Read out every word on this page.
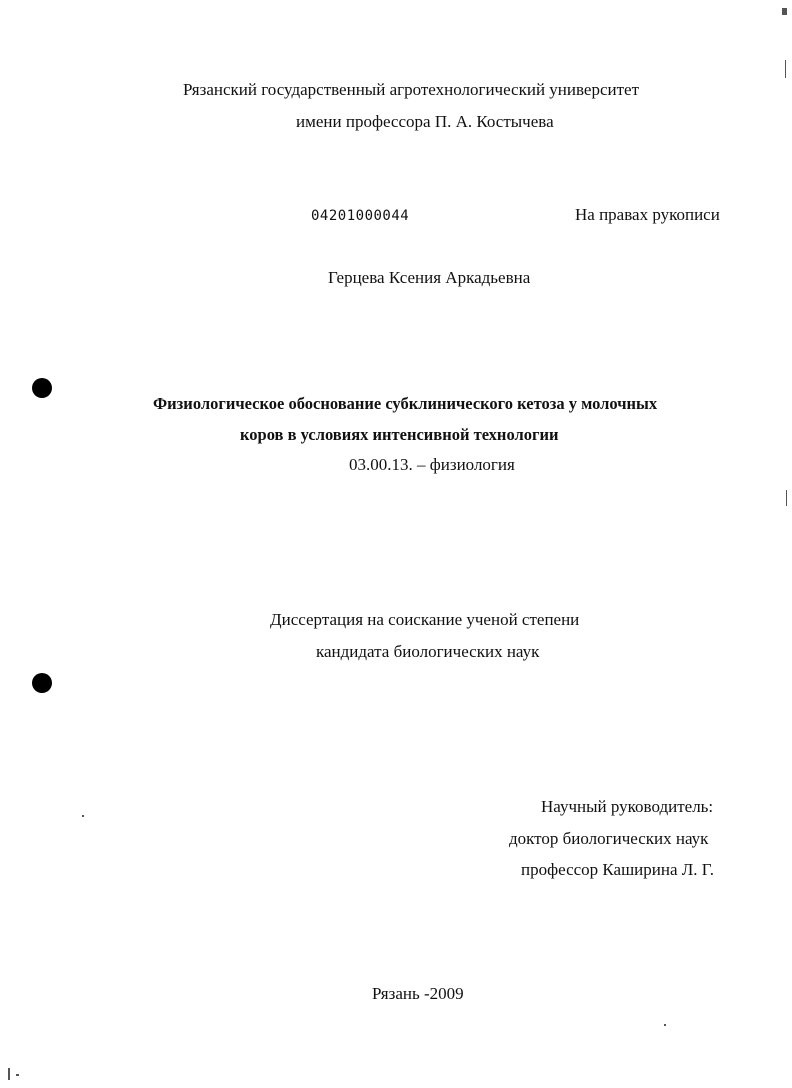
Рязанский государственный агротехнологический университет
имени профессора П. А. Костычева
04201000044	На правах рукописи
Герцева Ксения Аркадьевна
Физиологическое обоснование субклинического кетоза у молочных
коров в условиях интенсивной технологии
03.00.13. – физиология
Диссертация на соискание ученой степени
кандидата биологических наук
Научный руководитель:
доктор биологических наук
профессор Каширина Л. Г.
Рязань -2009
